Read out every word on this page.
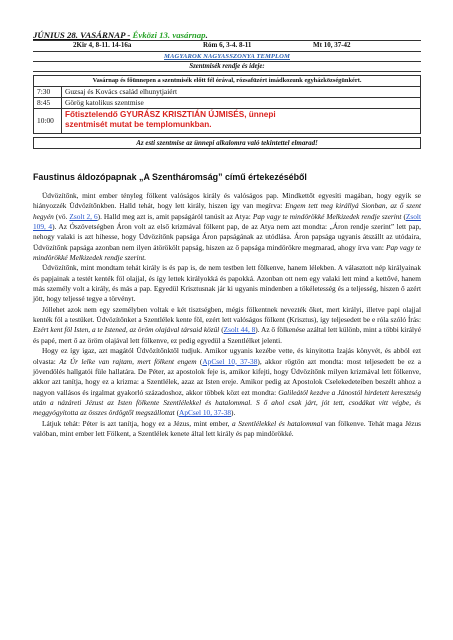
JÚNIUS 28. VASÁRNAP - Évközi 13. vasárnap.
2Kir 4, 8-11. 14-16a	Róm 6, 3-4. 8-11	Mt 10, 37-42
MAGYAROK NAGYASSZONYA TEMPLOM
Szentmisék rendje és ideje:
Vasárnap és főünnepen a szentmisék előtt fél órával, rózsafüzért imádkozunk egyházközségünkért.
7:30	Guzsaj és Kovács család elhunytjaiért
8:45	Görög katolikus szentmise
10:00
Főtisztelendő GYURÁSZ KRISZTIÁN ÚJMISÉS, ünnepi szentmisét mutat be templomunkban.
Az esti szentmise az ünnepi alkalomra való tekintettel elmarad!
Faustinus áldozópapnak „A Szentháromság” című értekezéséből

Üdvözítőnk, mint ember tényleg fölkent valóságos király és valóságos pap. Mindkettőt egyesíti magában, hogy egyik se hiányozzék Üdvözítőnkben. Halld tehát, hogy lett király, hiszen így van megírva: Engem tett meg királlyá Sionban, az ő szent hegyén (vö. Zsolt 2, 6). Halld meg azt is, amit papságáról tanúsít az Atya: Pap vagy te mindörökké Melkizedek rendje szerint (Zsolt 109, 4). Az Ószövetségben Áron volt az első krizmával fölkent pap, de az Atya nem azt mondta: „Áron rendje szerint” lett pap, nehogy valaki is azt hihesse, hogy Üdvözítőnk papsága Áron papságának az utódlása. Áron papsága ugyanis átszállt az utódaira, Üdvözítőnk papsága azonban nem ilyen átörökölt papság, hiszen az ő papsága mindörökre megmarad, ahogy írva van: Pap vagy te mindörökké Melkizedek rendje szerint.

Üdvözítőnk, mint mondtam tehát király is és pap is, de nem testben lett fölkenve, hanem lélekben. A választott nép királyainak és papjainak a testét kenték föl olajjal, és így lettek királyokká és papokká. Azonban ott nem egy valaki lett mind a kettővé, hanem más személy volt a király, és más a pap. Egyedül Krisztusnak jár ki ugyanis mindenben a tökéletesség és a teljesség, hiszen ő azért jött, hogy teljessé tegye a törvényt.

Jóllehet azok nem egy személyben voltak e két tisztségben, mégis fölkentnek nevezték őket, mert királyi, illetve papi olajjal kenték föl a testüket. Üdvözítőnket a Szentlélek kente föl, ezért lett valóságos fölkent (Krisztus), így teljesedett be e róla szóló Írás: Ezért kent föl Isten, a te Istened, az öröm olajával társaid közül (Zsolt 44, 8). Az ő fölkenése azáltal lett különb, mint a többi királyé és papé, mert ő az öröm olajával lett fölkenve, ez pedig egyedül a Szentlélket jelenti.

Hogy ez így igaz, azt magától Üdvözítőnktől tudjuk. Amikor ugyanis kezébe vette, és kinyitotta Izajás könyvét, és abból ezt olvasta: Az Úr lelke van rajtam, mert fölkent engem (ApCsel 10, 37-38), akkor rögtön azt mondta: most teljesedett be ez a jövendölés hallgatói füle hallatára. De Péter, az apostolok feje is, amikor kifejti, hogy Üdvözítőnk milyen krizmával lett fölkenve, akkor azt tanítja, hogy ez a krizma: a Szentlélek, azaz az Isten ereje. Amikor pedig az Apostolok Cselekedeteiben beszélt ahhoz a nagyon vallásos és irgalmat gyakorló századoshoz, akkor többek közt ezt mondta: Galileától kezdve a Jánostól hirdetett keresztség után a názáreti Jézust az Isten fölkente Szentlélekkel és hatalommal. S ő ahol csak járt, jót tett, csodákat vitt végbe, és meggyógyította az összes ördögtől megszállottat (ApCsel 10, 37-38).

Látjuk tehát: Péter is azt tanítja, hogy ez a Jézus, mint ember, a Szentlélekkel és hatalommal van fölkenve. Tehát maga Jézus valóban, mint ember lett Fölkent, a Szentlélek kenete által lett király és pap mindörökké.
